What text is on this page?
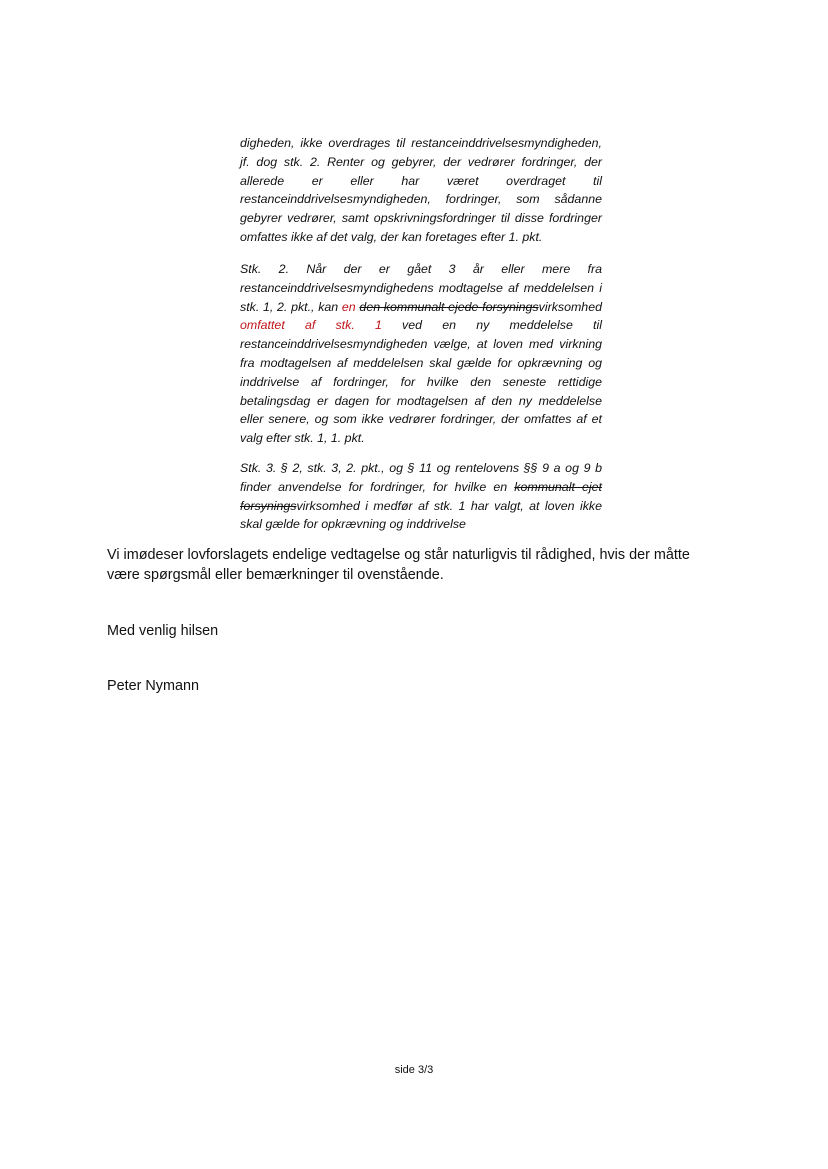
digheden, ikke overdrages til restanceinddrivelsesmyndigheden, jf. dog stk. 2. Renter og gebyrer, der vedrører fordringer, der allerede er eller har været overdraget til restanceinddrivelsesmyndigheden, fordringer, som sådanne gebyrer vedrører, samt opskrivningsfordringer til disse fordringer omfattes ikke af det valg, der kan foretages efter 1. pkt.

Stk. 2. Når der er gået 3 år eller mere fra restanceinddrivelsesmyndighedens modtagelse af meddelelsen i stk. 1, 2. pkt., kan en den kommunalt ejede forsyningsvirksomhed omfattet af stk. 1 ved en ny meddelelse til restanceinddrivelsesmyndigheden vælge, at loven med virkning fra modtagelsen af meddelelsen skal gælde for opkrævning og inddrivelse af fordringer, for hvilke den seneste rettidige betalingsdag er dagen for modtagelsen af den ny meddelelse eller senere, og som ikke vedrører fordringer, der omfattes af et valg efter stk. 1, 1. pkt.

Stk. 3. § 2, stk. 3, 2. pkt., og § 11 og rentelovens §§ 9 a og 9 b finder anvendelse for fordringer, for hvilke en kommunalt ejet forsyningsvirksomhed i medfør af stk. 1 har valgt, at loven ikke skal gælde for opkrævning og inddrivelse

Vi imødeser lovforslagets endelige vedtagelse og står naturligvis til rådighed, hvis der måtte være spørgsmål eller bemærkninger til ovenstående.

Med venlig hilsen

Peter Nymann

side 3/3
